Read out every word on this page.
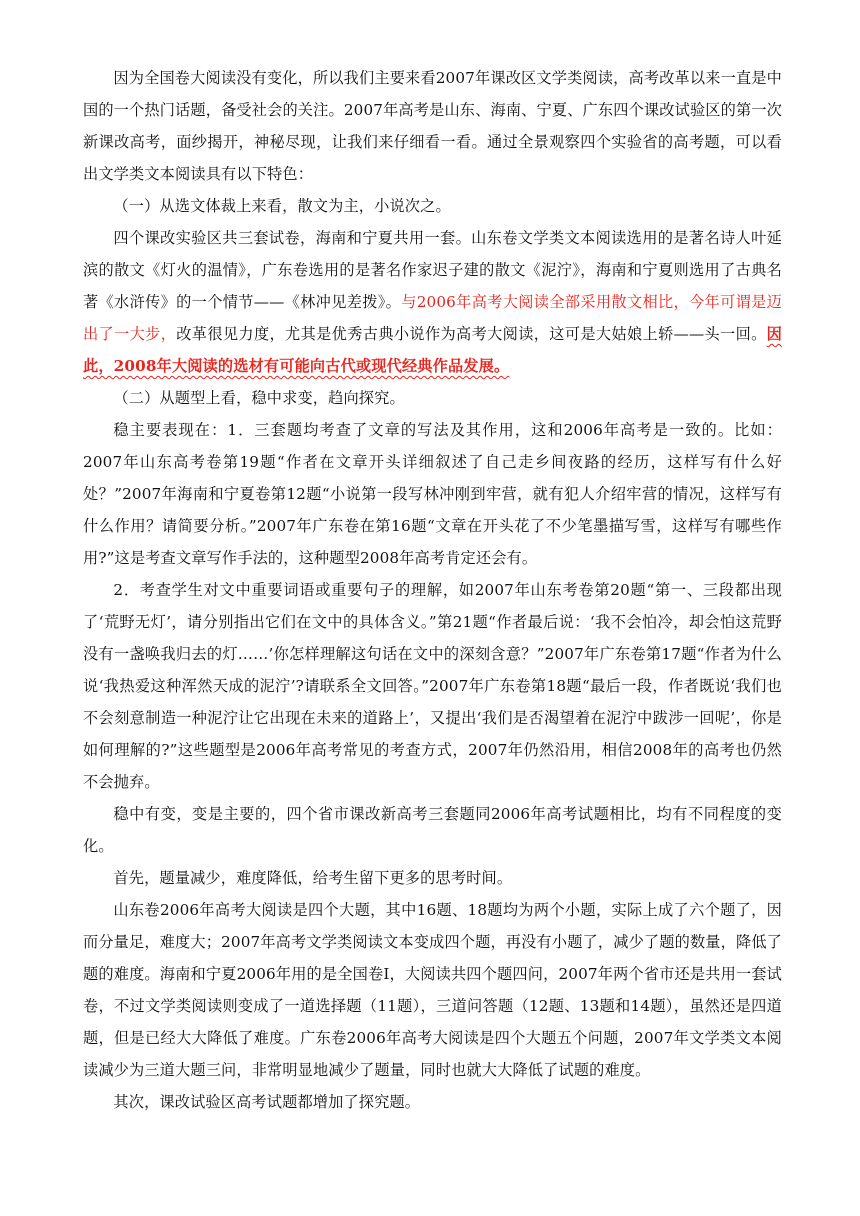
因为全国卷大阅读没有变化，所以我们主要来看2007年课改区文学类阅读，高考改革以来一直是中国的一个热门话题，备受社会的关注。2007年高考是山东、海南、宁夏、广东四个课改试验区的第一次新课改高考，面纱揭开，神秘尽现，让我们来仔细看一看。通过全景观察四个实验省的高考题，可以看出文学类文本阅读具有以下特色：

（一）从选文体裁上来看，散文为主，小说次之。

四个课改实验区共三套试卷，海南和宁夏共用一套。山东卷文学类文本阅读选用的是著名诗人叶延滨的散文《灯火的温情》，广东卷选用的是著名作家迟子建的散文《泥泞》，海南和宁夏则选用了古典名著《水浒传》的一个情节——《林冲见差拨》。与2006年高考大阅读全部采用散文相比，今年可谓是迈出了一大步，改革很见力度，尤其是优秀古典小说作为高考大阅读，这可是大姑娘上轿——头一回。因此，2008年大阅读的选材有可能向古代或现代经典作品发展。

（二）从题型上看，稳中求变，趋向探究。

稳主要表现在：1．三套题均考查了文章的写法及其作用，这和2006年高考是一致的。比如：2007年山东高考卷第19题“作者在文章开头详细叙述了自己走乡间夜路的经历，这样写有什么好处？”2007年海南和宁夏卷第12题“小说第一段写林冲刚到牢营，就有犯人介绍牢营的情况，这样写有什么作用？请简要分析。”2007年广东卷在第16题“文章在开头花了不少笔墨描写雪，这样写有哪些作用?”这是考查文章写作手法的，这种题型2008年高考肯定还会有。

2．考查学生对文中重要词语或重要句子的理解，如2007年山东考卷第20题“第一、三段都出现了‘荒野无灯’，请分别指出它们在文中的具体含义。”第21题“作者最后说：‘我不会怕冷，却会怕这荒野没有一盏唤我归去的灯……’你怎样理解这句话在文中的深刻含意？”2007年广东卷第17题“作者为什么说‘我热爱这种浑然天成的泥泞’?请联系全文回答。”2007年广东卷第18题“最后一段，作者既说‘我们也不会刻意制造一种泥泞让它出现在未来的道路上’，又提出‘我们是否渴望着在泥泞中跋涉一回呢’，你是如何理解的?”这些题型是2006年高考常见的考查方式，2007年仍然沿用，相信2008年的高考也仍然不会抛弃。

稳中有变，变是主要的，四个省市课改新高考三套题同2006年高考试题相比，均有不同程度的变化。

首先，题量减少，难度降低，给考生留下更多的思考时间。

山东卷2006年高考大阅读是四个大题，其中16题、18题均为两个小题，实际上成了六个题了，因而分量足，难度大；2007年高考文学类阅读文本变成四个题，再没有小题了，减少了题的数量，降低了题的难度。海南和宁夏2006年用的是全国卷Ⅰ，大阅读共四个题四问，2007年两个省市还是共用一套试卷，不过文学类阅读则变成了一道选择题（11题），三道问答题（12题、13题和14题），虽然还是四道题，但是已经大大降低了难度。广东卷2006年高考大阅读是四个大题五个问题，2007年文学类文本阅读减少为三道大题三问，非常明显地减少了题量，同时也就大大降低了试题的难度。

其次，课改试验区高考试题都增加了探究题。
